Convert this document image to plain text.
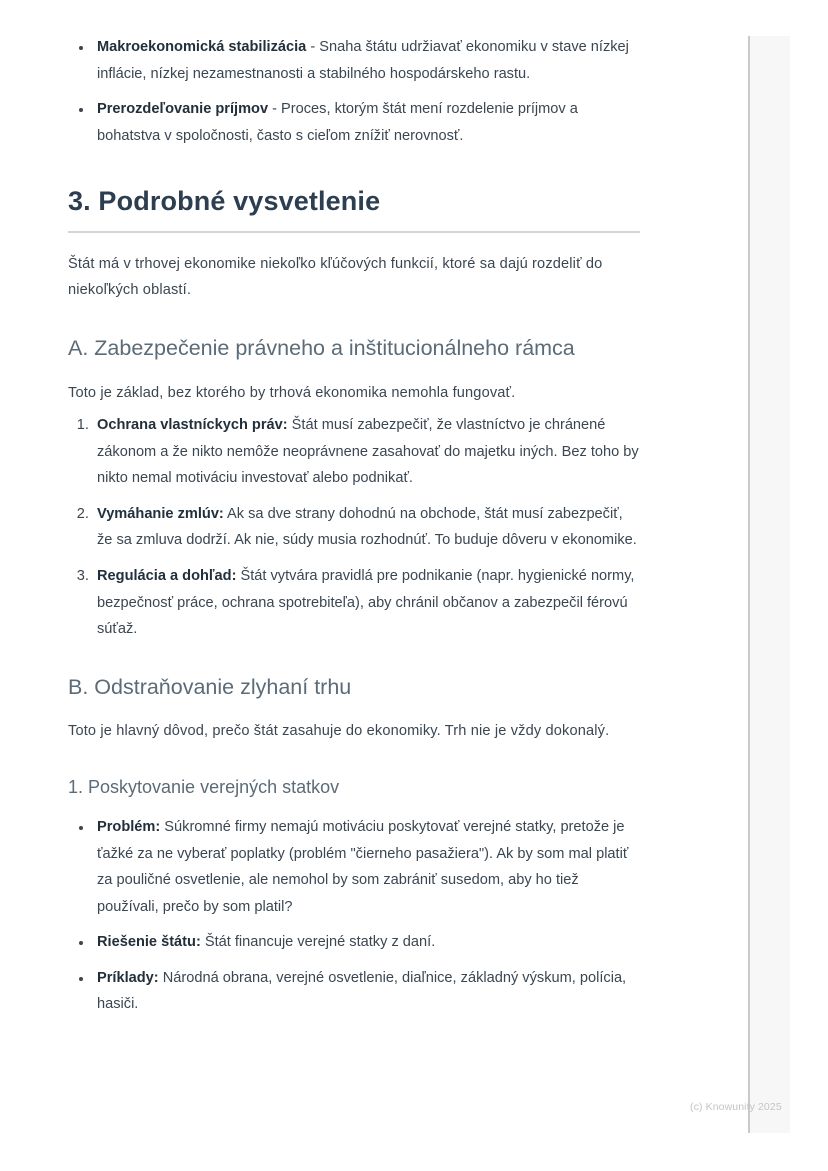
• Makroekonomická stabilizácia - Snaha štátu udržiavať ekonomiku v stave nízkej inflácie, nízkej nezamestnanosti a stabilného hospodárskeho rastu.
• Prerozdeľovanie príjmov - Proces, ktorým štát mení rozdelenie príjmov a bohatstva v spoločnosti, často s cieľom znížiť nerovnosť.
3. Podrobné vysvetlenie

Štát má v trhovej ekonomike niekoľko kľúčových funkcií, ktoré sa dajú rozdeliť do niekoľkých oblastí.

A. Zabezpečenie právneho a inštitucionálneho rámca

Toto je základ, bez ktorého by trhová ekonomika nemohla fungovať.

1. Ochrana vlastníckych práv: Štát musí zabezpečiť, že vlastníctvo je chránené zákonom a že nikto nemôže neoprávnene zasahovať do majetku iných. Bez toho by nikto nemal motiváciu investovať alebo podnikať.
2. Vymáhanie zmlúv: Ak sa dve strany dohodnú na obchode, štát musí zabezpečiť, že sa zmluva dodrží. Ak nie, súdy musia rozhodnúť. To buduje dôveru v ekonomike.
3. Regulácia a dohľad: Štát vytvára pravidlá pre podnikanie (napr. hygienické normy, bezpečnosť práce, ochrana spotrebiteľa), aby chránil občanov a zabezpečil férovú súťaž.
B. Odstraňovanie zlyhaní trhu

Toto je hlavný dôvod, prečo štát zasahuje do ekonomiky. Trh nie je vždy dokonalý.

1. Poskytovanie verejných statkov
• Problém: Súkromné firmy nemajú motiváciu poskytovať verejné statky, pretože je ťažké za ne vyberať poplatky (problém "čierneho pasažiera"). Ak by som mal platiť za pouličné osvetlenie, ale nemohol by som zabrániť susedom, aby ho tiež používali, prečo by som platil?
• Riešenie štátu: Štát financuje verejné statky z daní.
• Príklady: Národná obrana, verejné osvetlenie, diaľnice, základný výskum, polícia, hasiči.
(c) Knowunity 2025
